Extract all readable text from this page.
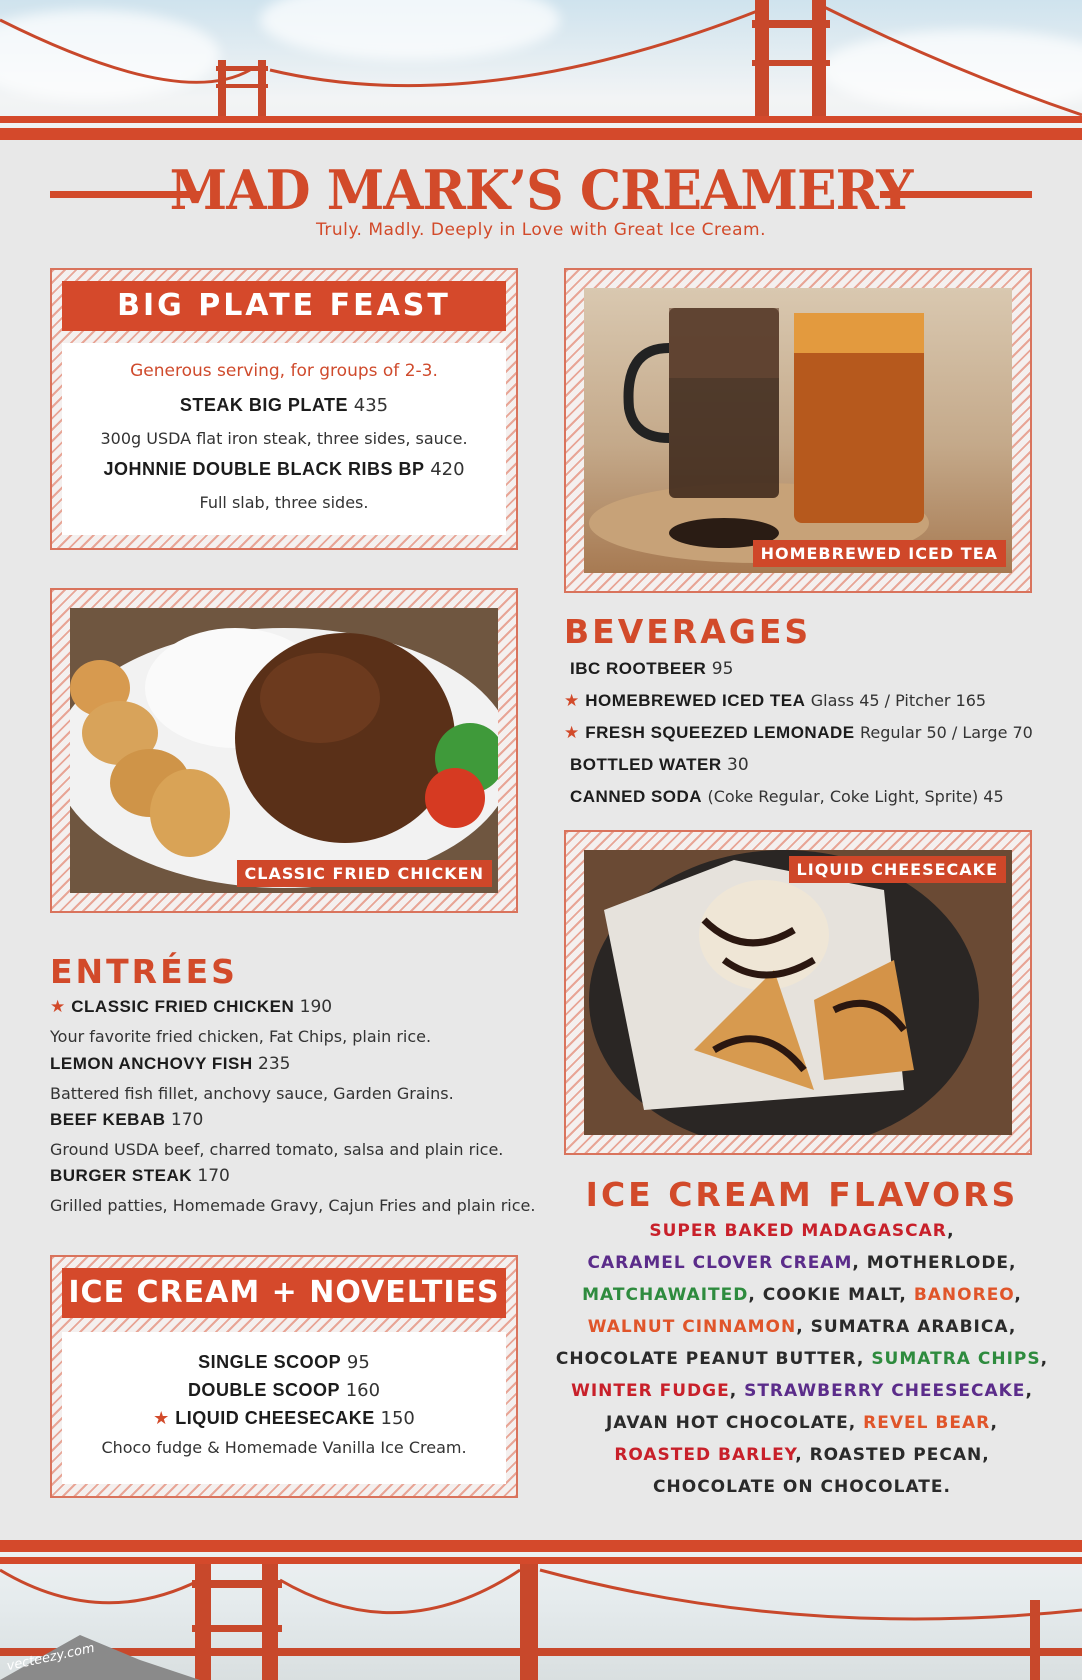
MAD MARK’S CREAMERY
Truly. Madly. Deeply in Love with Great Ice Cream.
BIG PLATE FEAST
Generous serving, for groups of 2-3.
STEAK BIG PLATE 435
300g USDA flat iron steak, three sides, sauce.
JOHNNIE DOUBLE BLACK RIBS BP 420
Full slab, three sides.
HOMEBREWED ICED TEA
CLASSIC FRIED CHICKEN
BEVERAGES
IBC ROOTBEER 95
★ HOMEBREWED ICED TEA Glass 45 / Pitcher 165
★ FRESH SQUEEZED LEMONADE Regular 50 / Large 70
BOTTLED WATER 30
CANNED SODA (Coke Regular, Coke Light, Sprite) 45
LIQUID CHEESECAKE
ENTRÉES
★ CLASSIC FRIED CHICKEN 190
Your favorite fried chicken, Fat Chips, plain rice.
LEMON ANCHOVY FISH 235
Battered fish fillet, anchovy sauce, Garden Grains.
BEEF KEBAB 170
Ground USDA beef, charred tomato, salsa and plain rice.
BURGER STEAK 170
Grilled patties, Homemade Gravy, Cajun Fries and plain rice.
ICE CREAM + NOVELTIES
SINGLE SCOOP 95
DOUBLE SCOOP 160
★ LIQUID CHEESECAKE 150
Choco fudge & Homemade Vanilla Ice Cream.
ICE CREAM FLAVORS
SUPER BAKED MADAGASCAR,
CARAMEL CLOVER CREAM, MOTHERLODE,
MATCHAWAITED, COOKIE MALT, BANOREO,
WALNUT CINNAMON, SUMATRA ARABICA,
CHOCOLATE PEANUT BUTTER, SUMATRA CHIPS,
WINTER FUDGE, STRAWBERRY CHEESECAKE,
JAVAN HOT CHOCOLATE, REVEL BEAR,
ROASTED BARLEY, ROASTED PECAN,
CHOCOLATE ON CHOCOLATE.
vecteezy.com
